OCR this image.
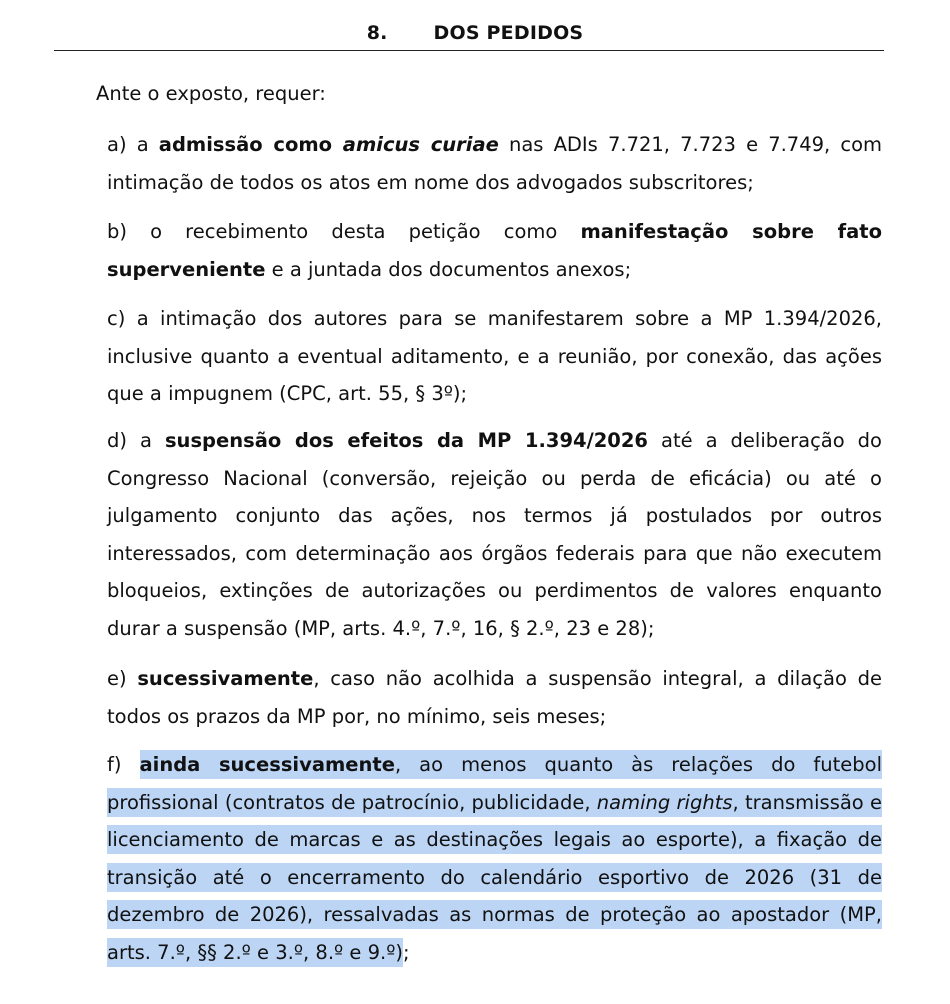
8. DOS PEDIDOS
Ante o exposto, requer:
a) a admissão como amicus curiae nas ADIs 7.721, 7.723 e 7.749, com intimação de todos os atos em nome dos advogados subscritores;
b) o recebimento desta petição como manifestação sobre fato superveniente e a juntada dos documentos anexos;
c) a intimação dos autores para se manifestarem sobre a MP 1.394/2026, inclusive quanto a eventual aditamento, e a reunião, por conexão, das ações que a impugnem (CPC, art. 55, § 3º);
d) a suspensão dos efeitos da MP 1.394/2026 até a deliberação do Congresso Nacional (conversão, rejeição ou perda de eficácia) ou até o julgamento conjunto das ações, nos termos já postulados por outros interessados, com determinação aos órgãos federais para que não executem bloqueios, extinções de autorizações ou perdimentos de valores enquanto durar a suspensão (MP, arts. 4.º, 7.º, 16, § 2.º, 23 e 28);
e) sucessivamente, caso não acolhida a suspensão integral, a dilação de todos os prazos da MP por, no mínimo, seis meses;
f) ainda sucessivamente, ao menos quanto às relações do futebol profissional (contratos de patrocínio, publicidade, naming rights, transmissão e licenciamento de marcas e as destinações legais ao esporte), a fixação de transição até o encerramento do calendário esportivo de 2026 (31 de dezembro de 2026), ressalvadas as normas de proteção ao apostador (MP, arts. 7.º, §§ 2.º e 3.º, 8.º e 9.º);
